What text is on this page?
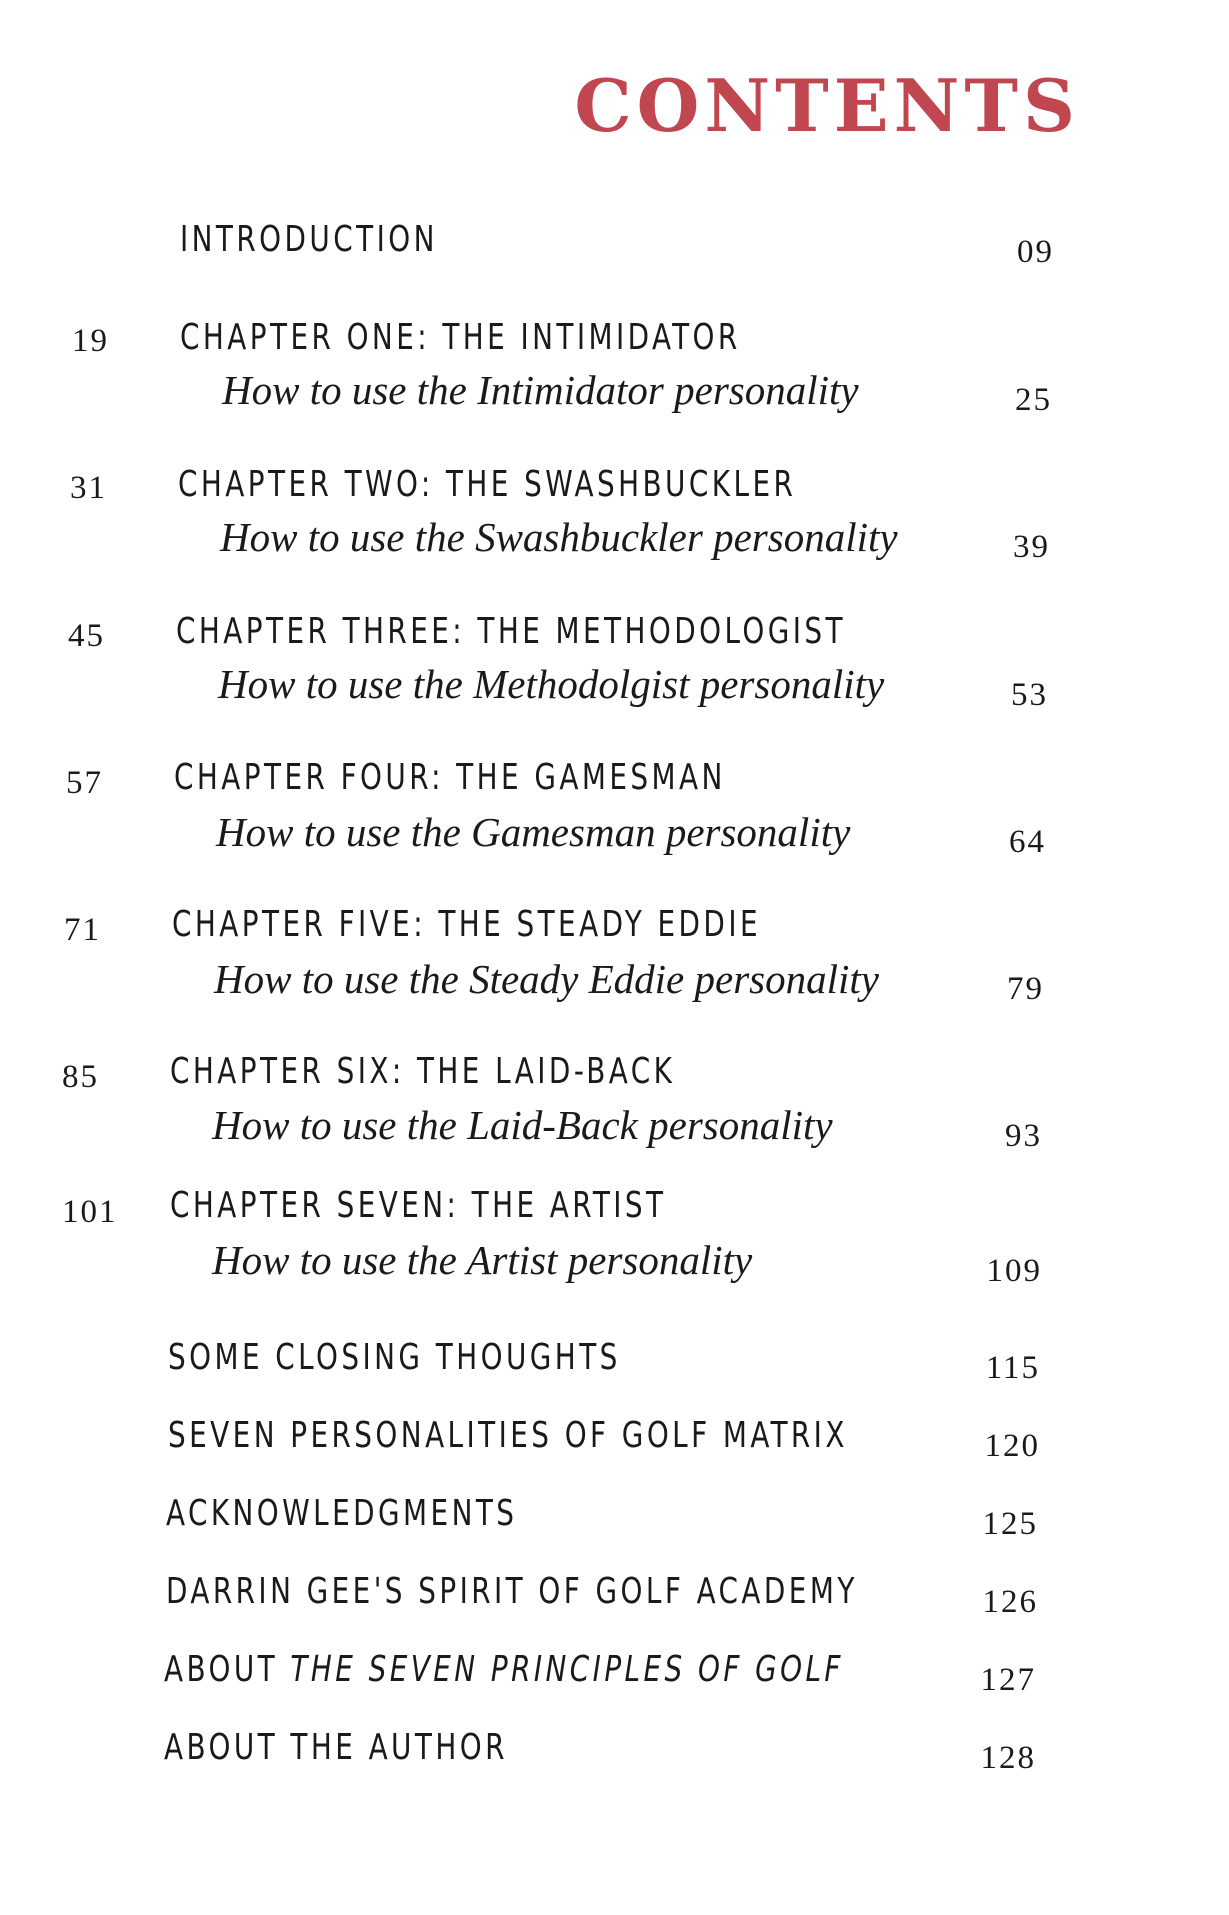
CONTENTS
INTRODUCTION	09
19 CHAPTER ONE: THE INTIMIDATOR
How to use the Intimidator personality	25
31 CHAPTER TWO: THE SWASHBUCKLER
How to use the Swashbuckler personality	39
45 CHAPTER THREE: THE METHODOLOGIST
How to use the Methodolgist personality	53
57 CHAPTER FOUR: THE GAMESMAN
How to use the Gamesman personality	64
71 CHAPTER FIVE: THE STEADY EDDIE
How to use the Steady Eddie personality	79
85 CHAPTER SIX: THE LAID-BACK
How to use the Laid-Back personality	93
101 CHAPTER SEVEN: THE ARTIST
How to use the Artist personality	109
SOME CLOSING THOUGHTS	115
SEVEN PERSONALITIES OF GOLF MATRIX	120
ACKNOWLEDGMENTS	125
DARRIN GEE'S SPIRIT OF GOLF ACADEMY	126
ABOUT THE SEVEN PRINCIPLES OF GOLF	127
ABOUT THE AUTHOR	128
